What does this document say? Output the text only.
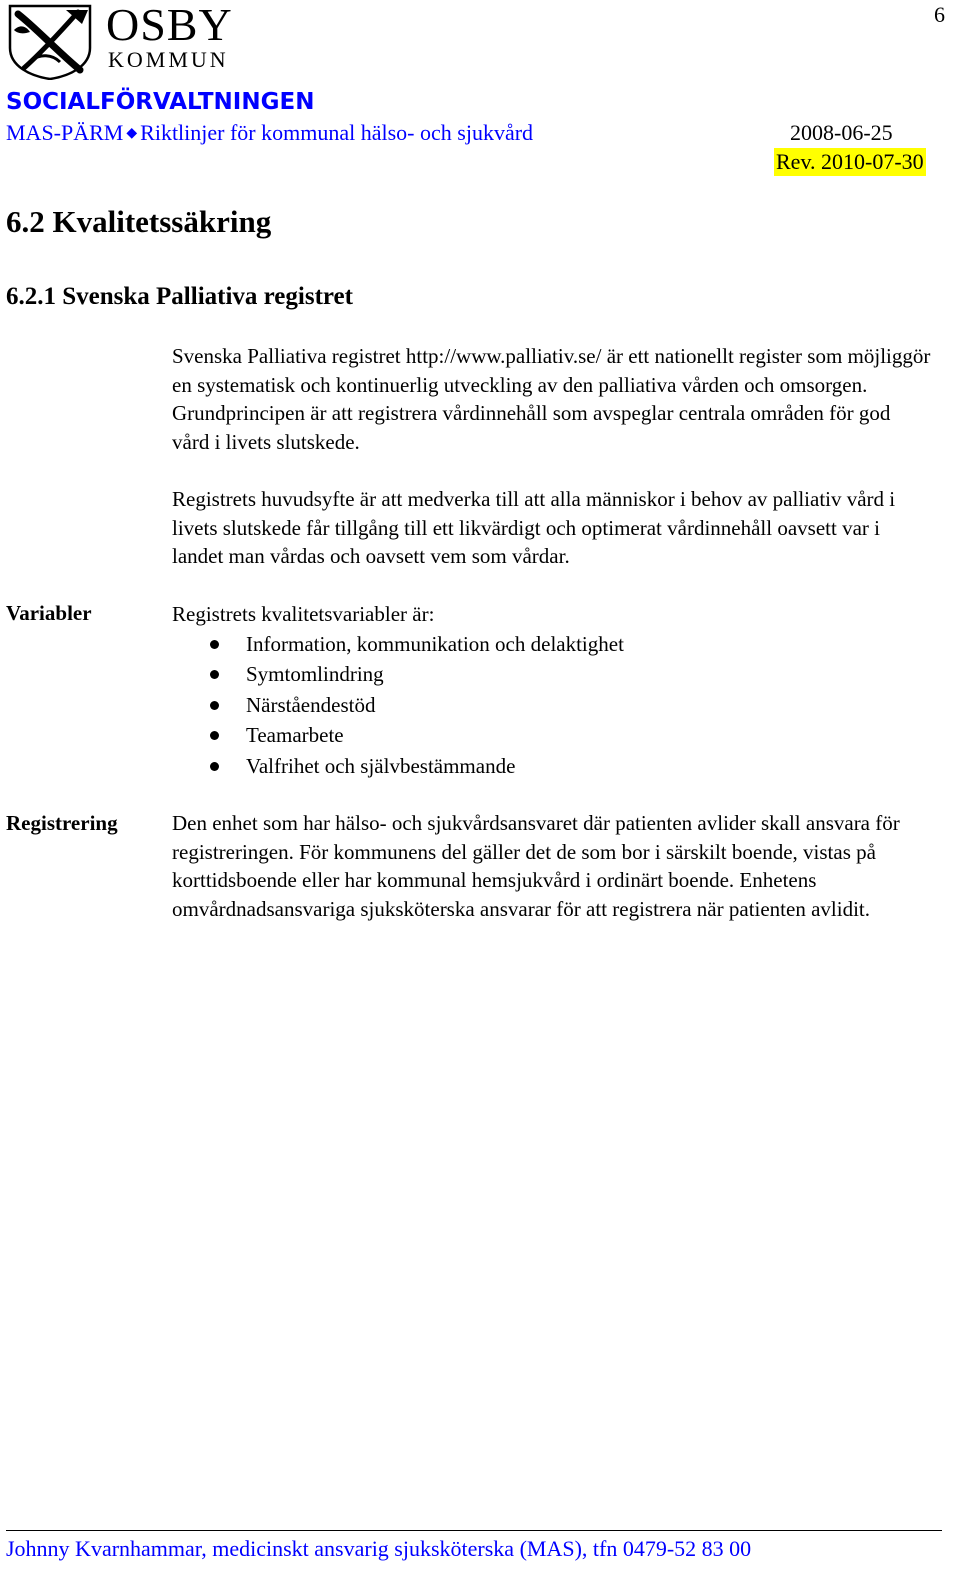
6
OSBY
KOMMUN
SOCIALFÖRVALTNINGEN
MAS-PÄRM ◆ Riktlinjer för kommunal hälso- och sjukvård	2008-06-25
Rev. 2010-07-30
6.2 Kvalitetssäkring
6.2.1 Svenska Palliativa registret
Svenska Palliativa registret http://www.palliativ.se/ är ett nationellt register som möjliggör en systematisk och kontinuerlig utveckling av den palliativa vården och omsorgen. Grundprincipen är att registrera vårdinnehåll som avspeglar centrala områden för god vård i livets slutskede.
Registrets huvudsyfte är att medverka till att alla människor i behov av palliativ vård i livets slutskede får tillgång till ett likvärdigt och optimerat vårdinnehåll oavsett var i landet man vårdas och oavsett vem som vårdar.
Variabler	Registrets kvalitetsvariabler är:
Information, kommunikation och delaktighet
Symtomlindring
Närståendestöd
Teamarbete
Valfrihet och självbestämmande
Registrering	Den enhet som har hälso- och sjukvårdsansvaret där patienten avlider skall ansvara för registreringen. För kommunens del gäller det de som bor i särskilt boende, vistas på korttidsboende eller har kommunal hemsjukvård i ordinärt boende. Enhetens omvårdnadsansvariga sjuksköterska ansvarar för att registrera när patienten avlidit.
Johnny Kvarnhammar, medicinskt ansvarig sjuksköterska (MAS), tfn 0479-52 83 00
